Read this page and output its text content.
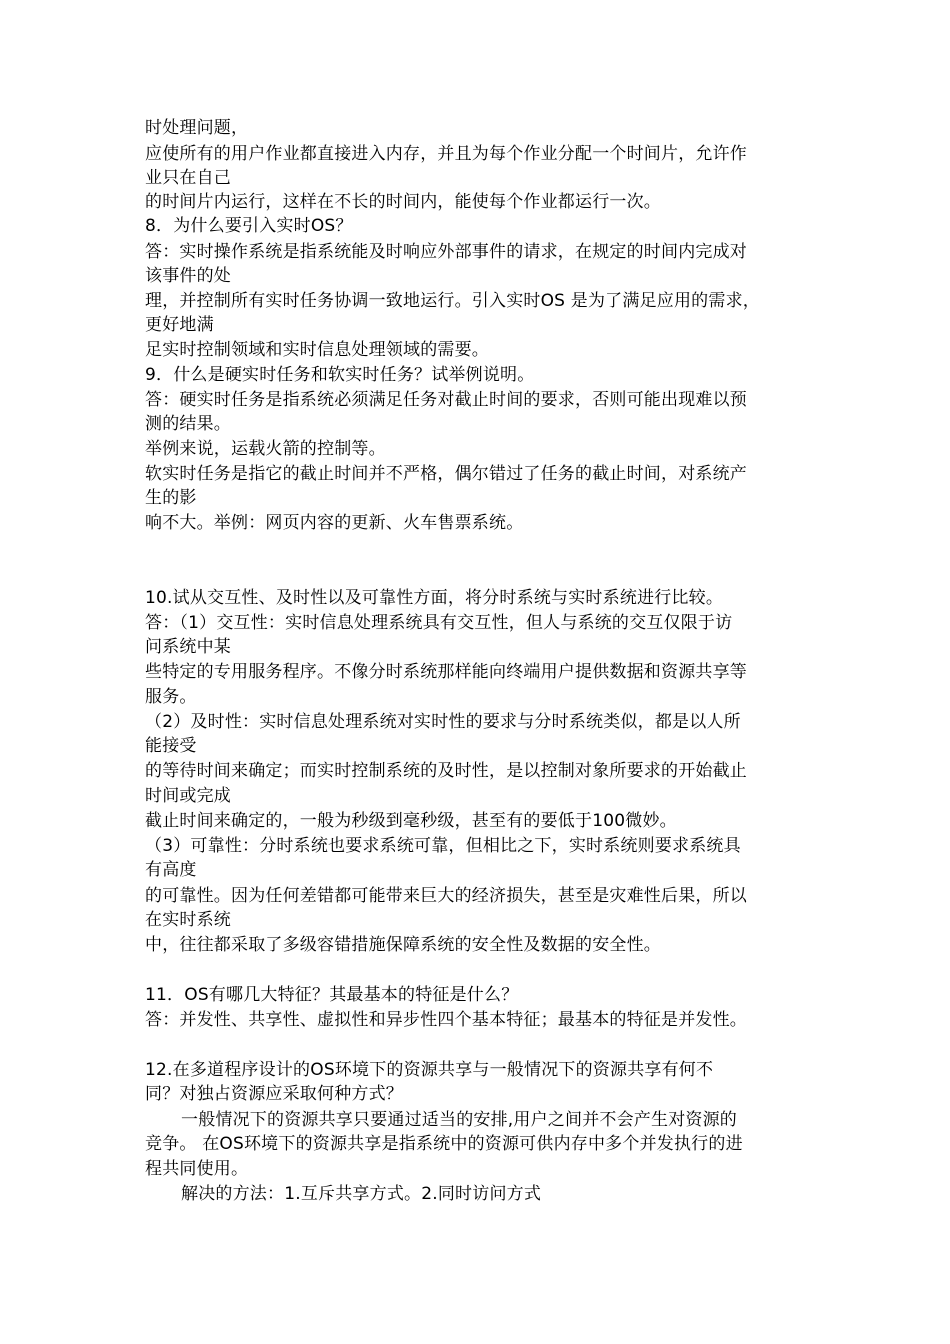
时处理问题，
应使所有的用户作业都直接进入内存，并且为每个作业分配一个时间片，允许作
业只在自己
的时间片内运行，这样在不长的时间内，能使每个作业都运行一次。
8．为什么要引入实时OS？
答：实时操作系统是指系统能及时响应外部事件的请求，在规定的时间内完成对
该事件的处
理，并控制所有实时任务协调一致地运行。引入实时OS 是为了满足应用的需求，
更好地满
足实时控制领域和实时信息处理领域的需要。
9．什么是硬实时任务和软实时任务？试举例说明。
答：硬实时任务是指系统必须满足任务对截止时间的要求，否则可能出现难以预
测的结果。
举例来说，运载火箭的控制等。
软实时任务是指它的截止时间并不严格，偶尔错过了任务的截止时间，对系统产
生的影
响不大。举例：网页内容的更新、火车售票系统。
10.试从交互性、及时性以及可靠性方面，将分时系统与实时系统进行比较。
答：（1）交互性：实时信息处理系统具有交互性，但人与系统的交互仅限于访
问系统中某
些特定的专用服务程序。不像分时系统那样能向终端用户提供数据和资源共享等
服务。
（2）及时性：实时信息处理系统对实时性的要求与分时系统类似，都是以人所
能接受
的等待时间来确定；而实时控制系统的及时性，是以控制对象所要求的开始截止
时间或完成
截止时间来确定的，一般为秒级到毫秒级，甚至有的要低于100微妙。
（3）可靠性：分时系统也要求系统可靠，但相比之下，实时系统则要求系统具
有高度
的可靠性。因为任何差错都可能带来巨大的经济损失，甚至是灾难性后果，所以
在实时系统
中，往往都采取了多级容错措施保障系统的安全性及数据的安全性。
11．OS有哪几大特征？其最基本的特征是什么？
答：并发性、共享性、虚拟性和异步性四个基本特征；最基本的特征是并发性。
12.在多道程序设计的OS环境下的资源共享与一般情况下的资源共享有何不
同？对独占资源应采取何种方式？
一般情况下的资源共享只要通过适当的安排,用户之间并不会产生对资源的
竞争。 在OS环境下的资源共享是指系统中的资源可供内存中多个并发执行的进
程共同使用。
解决的方法：1.互斥共享方式。2.同时访问方式
